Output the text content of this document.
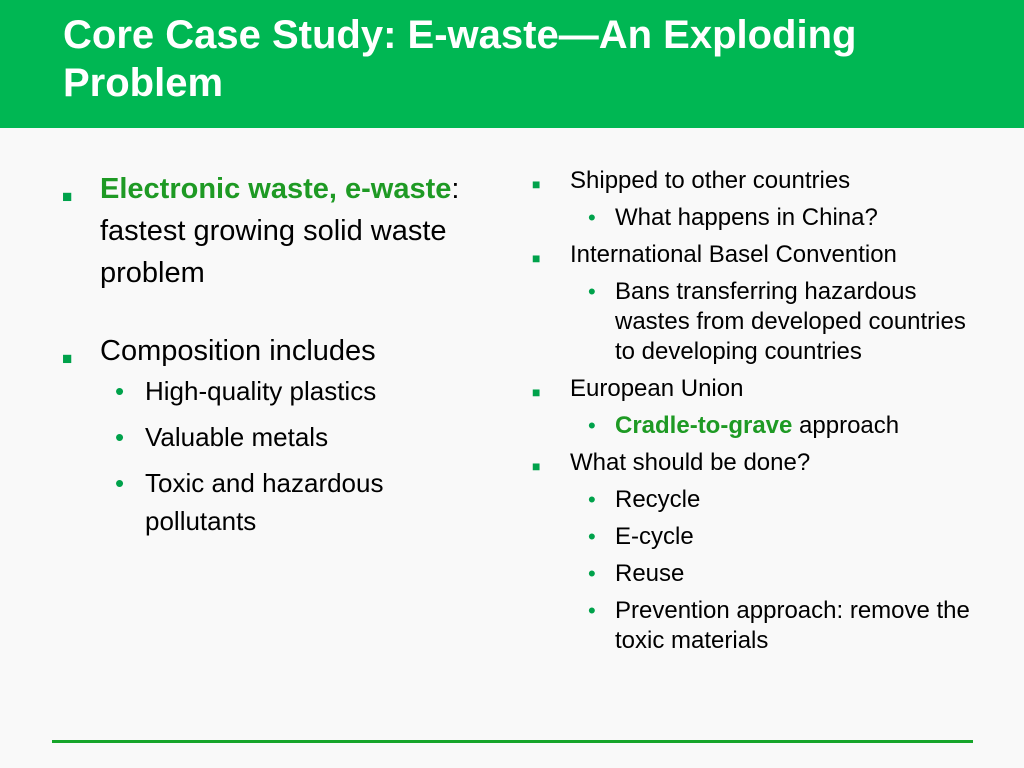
Core Case Study: E-waste—An Exploding Problem
■ Electronic waste, e-waste: fastest growing solid waste problem
■ Composition includes
• High-quality plastics
• Valuable metals
• Toxic and hazardous pollutants
■ Shipped to other countries
• What happens in China?
■ International Basel Convention
• Bans transferring hazardous wastes from developed countries to developing countries
■ European Union
• Cradle-to-grave approach
■ What should be done?
• Recycle
• E-cycle
• Reuse
• Prevention approach: remove the toxic materials
